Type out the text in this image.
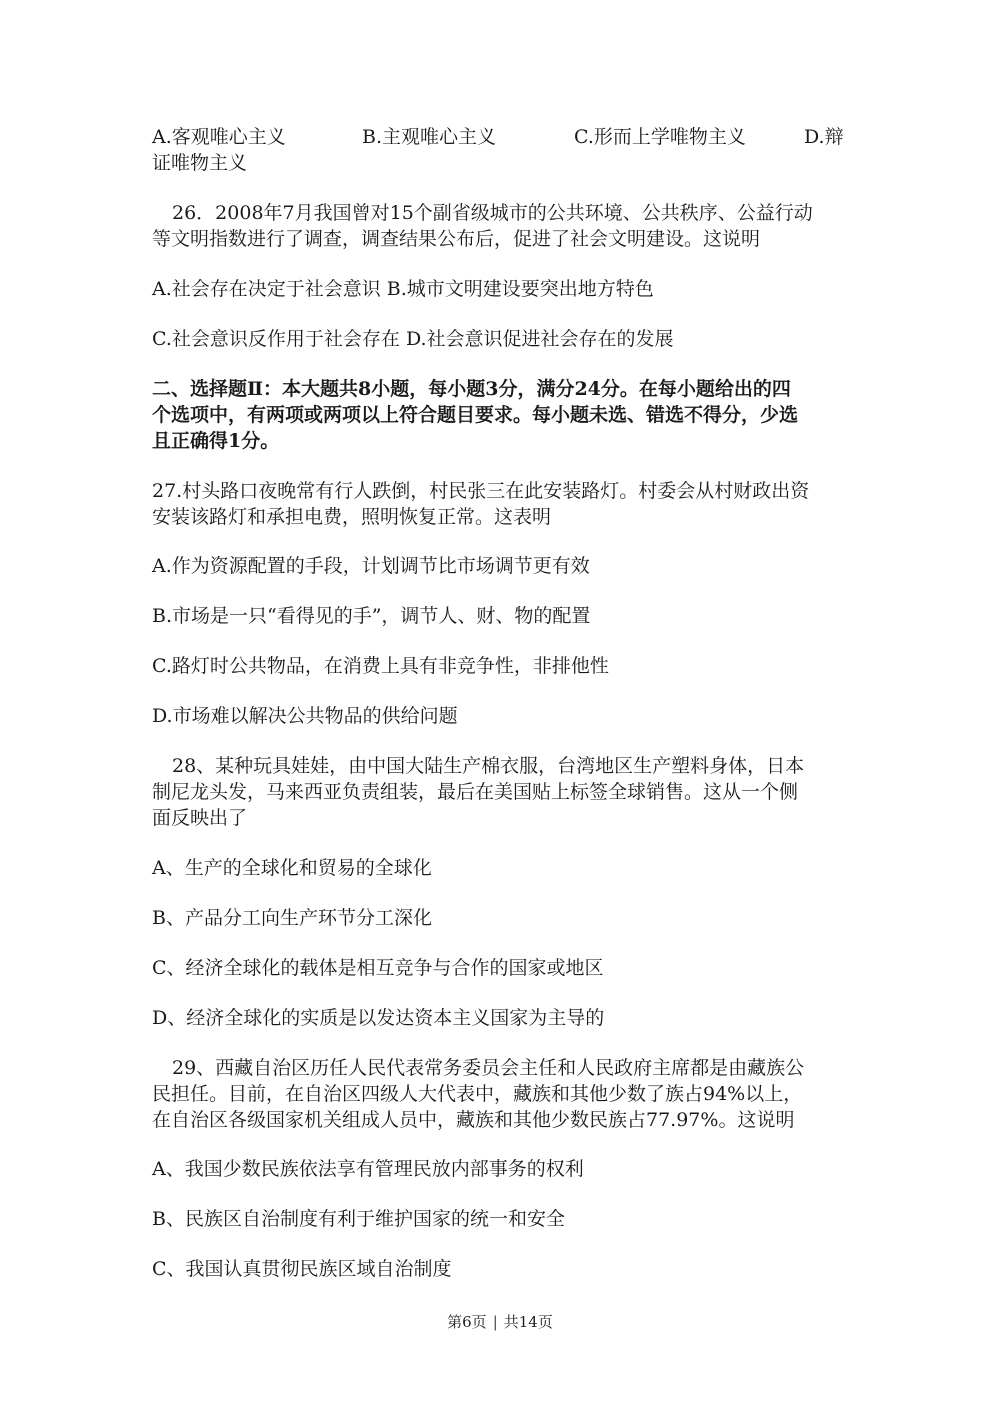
A.客观唯心主义	B.主观唯心主义	C.形而上学唯物主义	D.辩
证唯物主义
26．2008年7月我国曾对15个副省级城市的公共环境、公共秩序、公益行动
等文明指数进行了调查，调查结果公布后，促进了社会文明建设。这说明
A.社会存在决定于社会意识 B.城市文明建设要突出地方特色
C.社会意识反作用于社会存在 D.社会意识促进社会存在的发展
二、选择题Ⅱ：本大题共8小题，每小题3分，满分24分。在每小题给出的四
个选项中，有两项或两项以上符合题目要求。每小题未选、错选不得分，少选
且正确得1分。
27.村头路口夜晚常有行人跌倒，村民张三在此安装路灯。村委会从村财政出资
安装该路灯和承担电费，照明恢复正常。这表明
A.作为资源配置的手段，计划调节比市场调节更有效
B.市场是一只“看得见的手”，调节人、财、物的配置
C.路灯时公共物品，在消费上具有非竞争性，非排他性
D.市场难以解决公共物品的供给问题
28、某种玩具娃娃，由中国大陆生产棉衣服，台湾地区生产塑料身体，日本
制尼龙头发，马来西亚负责组装，最后在美国贴上标签全球销售。这从一个侧
面反映出了
A、生产的全球化和贸易的全球化
B、产品分工向生产环节分工深化
C、经济全球化的载体是相互竞争与合作的国家或地区
D、经济全球化的实质是以发达资本主义国家为主导的
29、西藏自治区历任人民代表常务委员会主任和人民政府主席都是由藏族公
民担任。目前，在自治区四级人大代表中，藏族和其他少数了族占94%以上，
在自治区各级国家机关组成人员中，藏族和其他少数民族占77.97%。这说明
A、我国少数民族依法享有管理民放内部事务的权利
B、民族区自治制度有利于维护国家的统一和安全
C、我国认真贯彻民族区域自治制度
第6页 | 共14页
